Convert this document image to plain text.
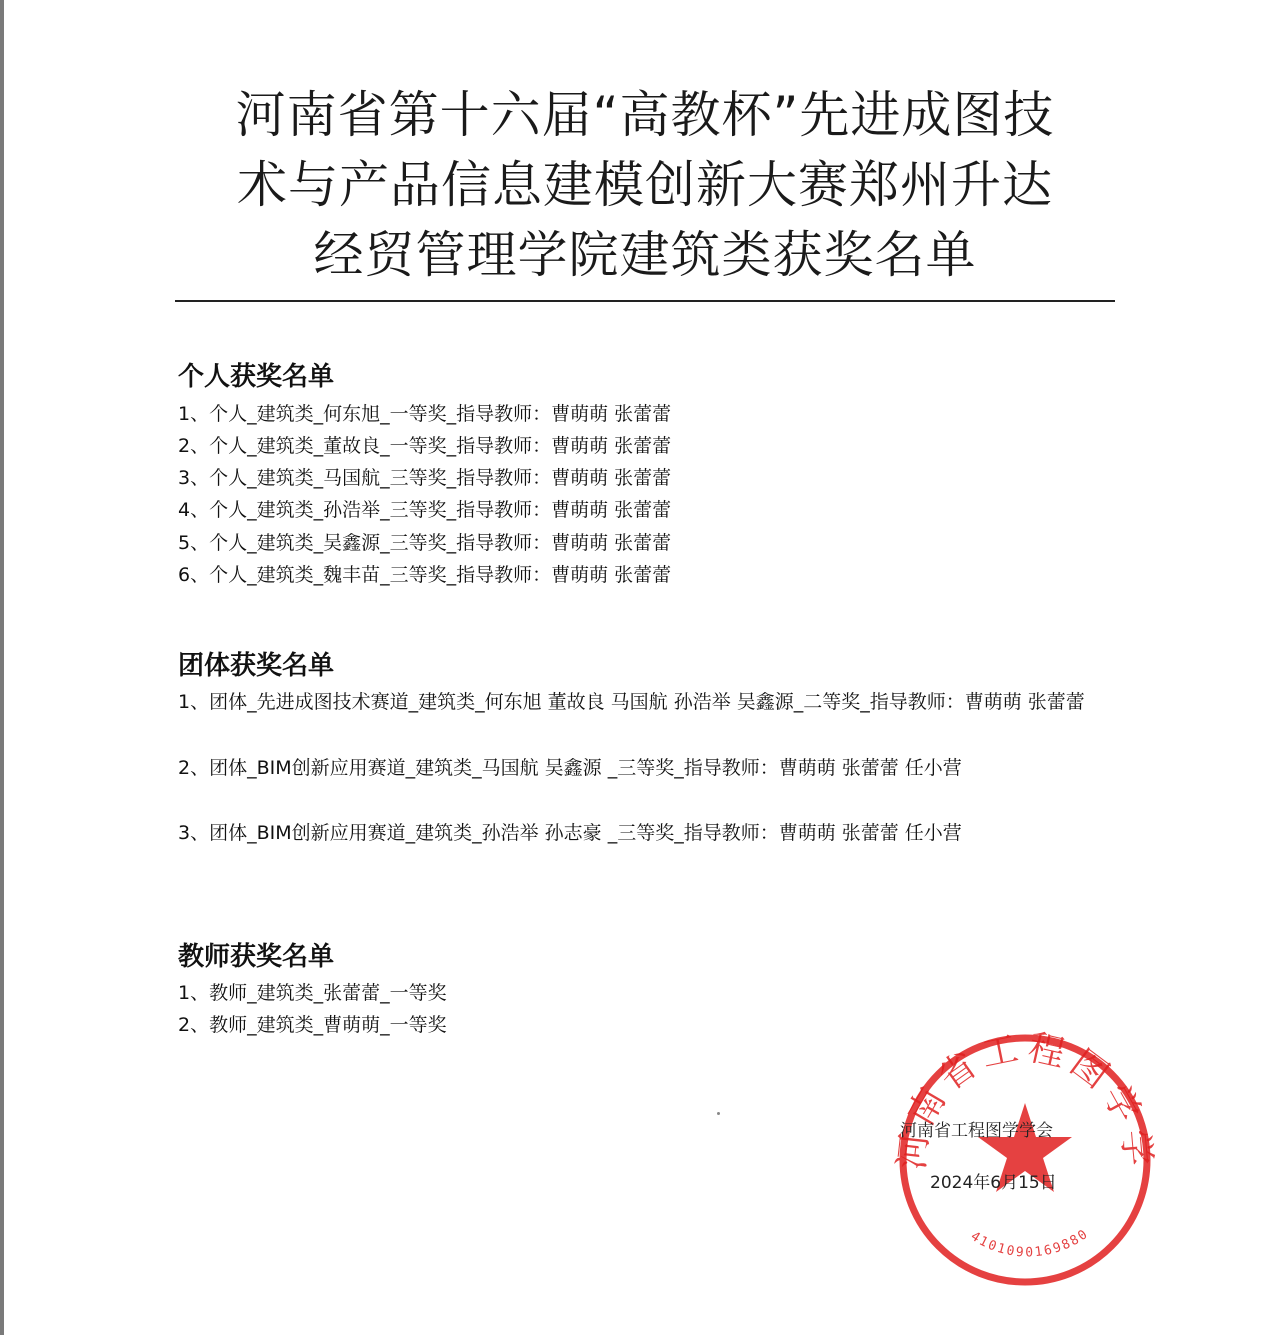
河南省第十六届“高教杯”先进成图技
术与产品信息建模创新大赛郑州升达
经贸管理学院建筑类获奖名单
个人获奖名单
1、个人_建筑类_何东旭_一等奖_指导教师：曹萌萌 张蕾蕾
2、个人_建筑类_董故良_一等奖_指导教师：曹萌萌 张蕾蕾
3、个人_建筑类_马国航_三等奖_指导教师：曹萌萌 张蕾蕾
4、个人_建筑类_孙浩举_三等奖_指导教师：曹萌萌 张蕾蕾
5、个人_建筑类_吴鑫源_三等奖_指导教师：曹萌萌 张蕾蕾
6、个人_建筑类_魏丰苗_三等奖_指导教师：曹萌萌 张蕾蕾
团体获奖名单
1、团体_先进成图技术赛道_建筑类_何东旭 董故良 马国航 孙浩举 吴鑫源_二等奖_指导教师：曹萌萌 张蕾蕾
2、团体_BIM创新应用赛道_建筑类_马国航 吴鑫源 _三等奖_指导教师：曹萌萌 张蕾蕾 任小营
3、团体_BIM创新应用赛道_建筑类_孙浩举 孙志豪 _三等奖_指导教师：曹萌萌 张蕾蕾 任小营
教师获奖名单
1、教师_建筑类_张蕾蕾_一等奖
2、教师_建筑类_曹萌萌_一等奖
河南省工程图学学
4101090169880
河南省工程图学学会
2024年6月15日
